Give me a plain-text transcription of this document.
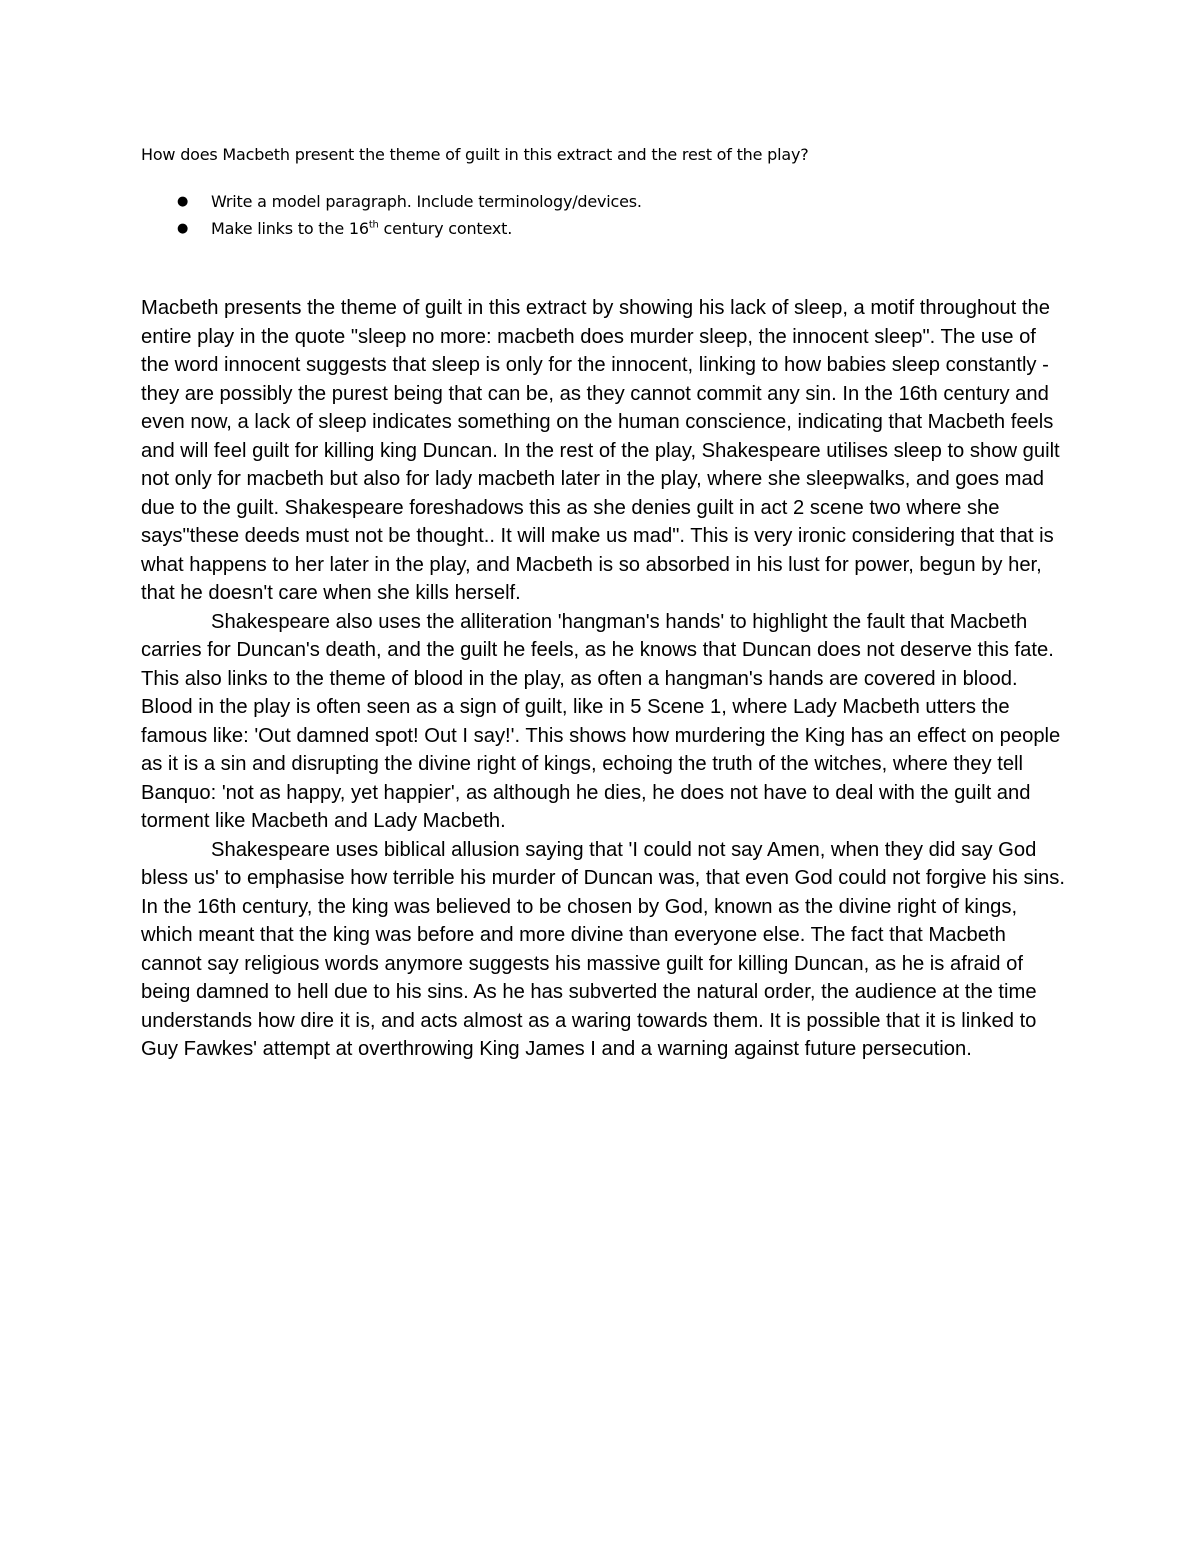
How does Macbeth present the theme of guilt in this extract and the rest of the play?

● Write a model paragraph. Include terminology/devices.
● Make links to the 16th century context.

Macbeth presents the theme of guilt in this extract by showing his lack of sleep, a motif throughout the entire play in the quote "sleep no more: macbeth does murder sleep, the innocent sleep". The use of the word innocent suggests that sleep is only for the innocent, linking to how babies sleep constantly - they are possibly the purest being that can be, as they cannot commit any sin. In the 16th century and even now, a lack of sleep indicates something on the human conscience, indicating that Macbeth feels and will feel guilt for killing king Duncan. In the rest of the play, Shakespeare utilises sleep to show guilt not only for macbeth but also for lady macbeth later in the play, where she sleepwalks, and goes mad due to the guilt. Shakespeare foreshadows this as she denies guilt in act 2 scene two where she says"these deeds must not be thought.. It will make us mad". This is very ironic considering that that is what happens to her later in the play, and Macbeth is so absorbed in his lust for power, begun by her, that he doesn't care when she kills herself.

Shakespeare also uses the alliteration 'hangman's hands' to highlight the fault that Macbeth carries for Duncan's death, and the guilt he feels, as he knows that Duncan does not deserve this fate. This also links to the theme of blood in the play, as often a hangman's hands are covered in blood. Blood in the play is often seen as a sign of guilt, like in 5 Scene 1, where Lady Macbeth utters the famous like: 'Out damned spot! Out I say!'. This shows how murdering the King has an effect on people as it is a sin and disrupting the divine right of kings, echoing the truth of the witches, where they tell Banquo: 'not as happy, yet happier', as although he dies, he does not have to deal with the guilt and torment like Macbeth and Lady Macbeth.

Shakespeare uses biblical allusion saying that 'I could not say Amen, when they did say God bless us' to emphasise how terrible his murder of Duncan was, that even God could not forgive his sins. In the 16th century, the king was believed to be chosen by God, known as the divine right of kings, which meant that the king was before and more divine than everyone else. The fact that Macbeth cannot say religious words anymore suggests his massive guilt for killing Duncan, as he is afraid of being damned to hell due to his sins. As he has subverted the natural order, the audience at the time understands how dire it is, and acts almost as a waring towards them. It is possible that it is linked to Guy Fawkes' attempt at overthrowing King James I and a warning against future persecution.
